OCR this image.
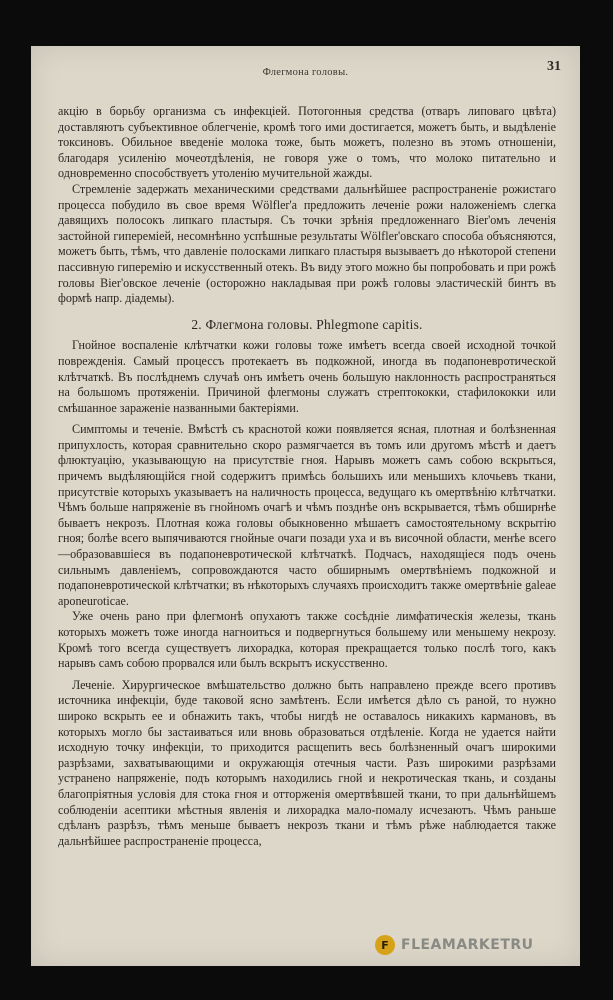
Флегмона головы.	31

акцію в борьбу организма съ инфекціей. Потогонныя средства (отваръ липоваго цвѣта) доставляютъ субъективное облегченіе, кромѣ того ими достигается, можетъ быть, и выдѣленіе токсиновъ. Обильное введеніе молока тоже, быть можетъ, полезно въ этомъ отношеніи, благодаря усиленію мочеотдѣленія, не говоря уже о томъ, что молоко питательно и одновременно способствуетъ утоленію мучительной жажды.

Стремленіе задержать механическими средствами дальнѣйшее распространеніе рожистаго процесса побудило въ свое время Wölfler'а предложить леченіе рожи наложеніемъ слегка давящихъ полосокъ липкаго пластыря. Съ точки зрѣнія предложеннаго Bier'омъ леченія застойной гипереміей, несомнѣнно успѣшные результаты Wölfler'овскаго способа объясняются, можетъ быть, тѣмъ, что давленіе полосками липкаго пластыря вызываетъ до нѣкоторой степени пассивную гиперемію и искусственный отекъ. Въ виду этого можно бы попробовать и при рожѣ головы Bier'овское леченіе (осторожно накладывая при рожѣ головы эластическій бинтъ въ формѣ напр. діадемы).

2. Флегмона головы. Phlegmone capitis.

Гнойное воспаленіе клѣтчатки кожи головы тоже имѣетъ всегда своей исходной точкой поврежденія. Самый процессъ протекаетъ въ подкожной, иногда въ подапоневротической клѣтчаткѣ. Въ послѣднемъ случаѣ онъ имѣетъ очень большую наклонность распространяться на большомъ протяженіи. Причиной флегмоны служатъ стрептококки, стафилококки или смѣшанное зараженіе названными бактеріями.

Симптомы и теченіе. Вмѣстѣ съ краснотой кожи появляется ясная, плотная и болѣзненная припухлость, которая сравнительно скоро размягчается въ томъ или другомъ мѣстѣ и даетъ флюктуацію, указывающую на присутствіе гноя. Нарывъ можетъ самъ собою вскрыться, причемъ выдѣляющійся гной содержитъ примѣсь большихъ или меньшихъ клочьевъ ткани, присутствіе которыхъ указываетъ на наличность процесса, ведущаго къ омертвѣнію клѣтчатки. Чѣмъ больше напряженіе въ гнойномъ очагѣ и чѣмъ позднѣе онъ вскрывается, тѣмъ обширнѣе бываетъ некрозъ. Плотная кожа головы обыкновенно мѣшаетъ самостоятельному вскрытію гноя; болѣе всего выпячиваются гнойные очаги позади уха и въ височной области, менѣе всего—образовавшіеся въ подапоневротической клѣтчаткѣ. Подчасъ, находящіеся подъ очень сильнымъ давленіемъ, сопровождаются часто обширнымъ омертвѣніемъ подкожной и подапоневротической клѣтчатки; въ нѣкоторыхъ случаяхъ происходитъ также омертвѣніе galeae aponeuroticae.

Уже очень рано при флегмонѣ опухаютъ также сосѣдніе лимфатическія железы, ткань которыхъ можетъ тоже иногда нагноиться и подвергнуться большему или меньшему некрозу. Кромѣ того всегда существуетъ лихорадка, которая прекращается только послѣ того, какъ нарывъ самъ собою прорвался или былъ вскрытъ искусственно.

Леченіе. Хирургическое вмѣшательство должно быть направлено прежде всего противъ источника инфекціи, буде таковой ясно замѣтенъ. Если имѣется дѣло съ раной, то нужно широко вскрыть ее и обнажить такъ, чтобы нигдѣ не оставалось никакихъ кармановъ, въ которыхъ могло бы застаиваться или вновь образоваться отдѣленіе. Когда не удается найти исходную точку инфекціи, то приходится расщепить весь болѣзненный очагъ широкими разрѣзами, захватывающими и окружающія отечныя части. Разъ широкими разрѣзами устранено напряженіе, подъ которымъ находились гной и некротическая ткань, и созданы благопріятныя условія для стока гноя и отторженія омертвѣвшей ткани, то при дальнѣйшемъ соблюденіи асептики мѣстныя явленія и лихорадка мало-помалу исчезаютъ. Чѣмъ раньше сдѣланъ разрѣзъ, тѣмъ меньше бываетъ некрозъ ткани и тѣмъ рѣже наблюдается также дальнѣйшее распространеніе процесса,

F FLEAMARKETRU
